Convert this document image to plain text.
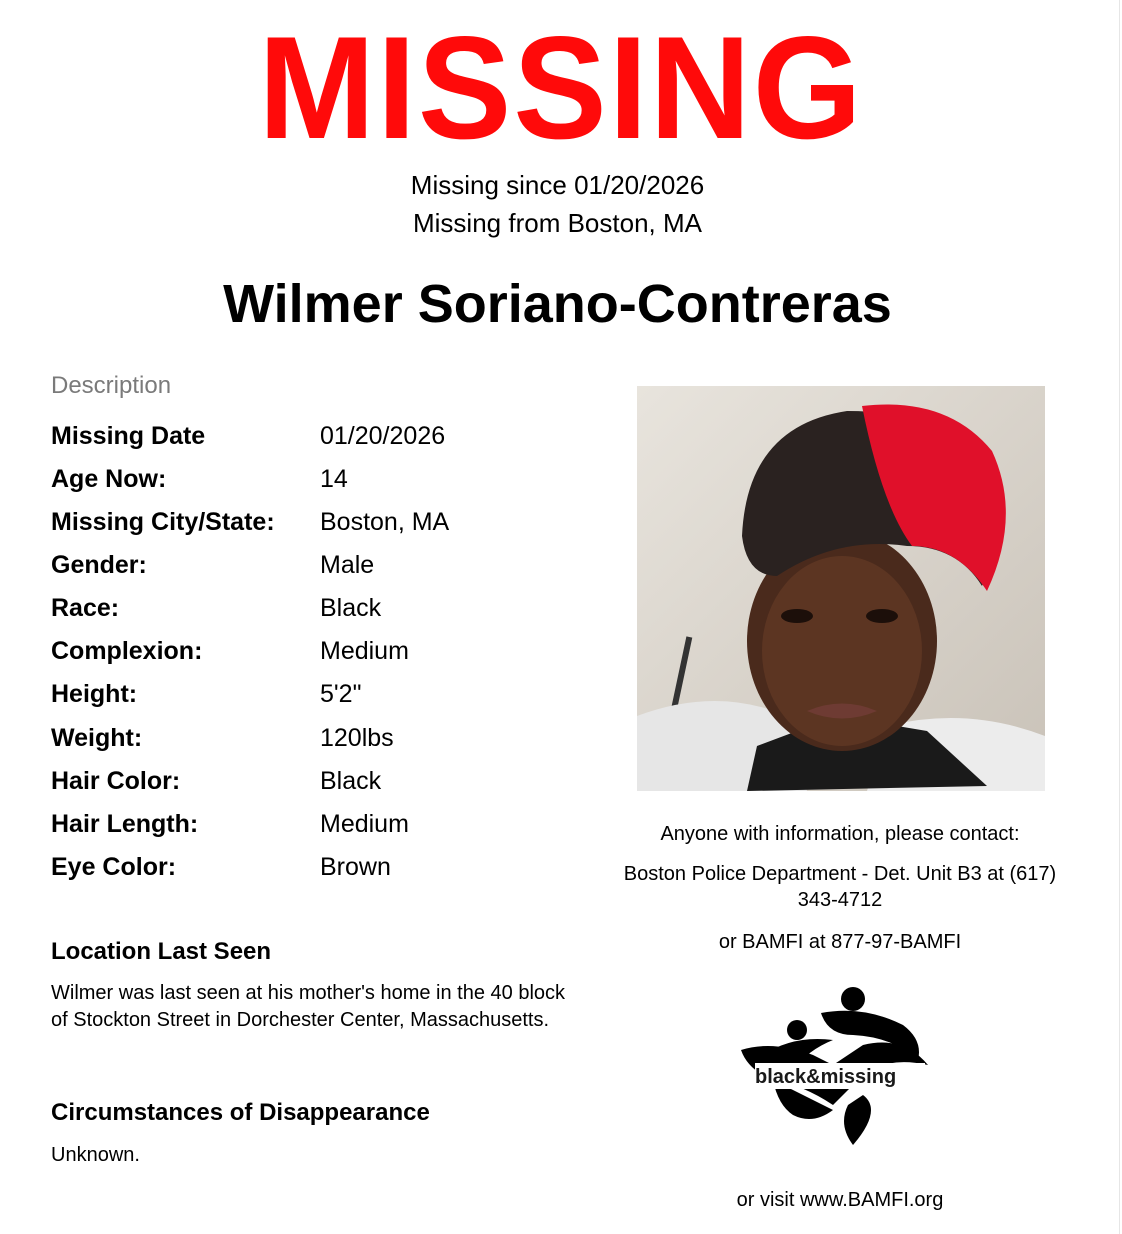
MISSING
Missing since 01/20/2026
Missing from Boston, MA
Wilmer Soriano-Contreras
Description
Missing Date	01/20/2026
Age Now:	14
Missing City/State: Boston, MA
Gender:	Male
Race:	Black
Complexion:	Medium
Height:	5'2"
Weight:	120lbs
Hair Color:	Black
Hair Length:	Medium
Eye Color:	Brown
Location Last Seen
Wilmer was last seen at his mother's home in the 40 block of Stockton Street in Dorchester Center, Massachusetts.
Circumstances of Disappearance
Unknown.
Anyone with information, please contact:
Boston Police Department - Det. Unit B3 at (617) 343-4712
or BAMFI at 877-97-BAMFI
black&missing
or visit www.BAMFI.org
